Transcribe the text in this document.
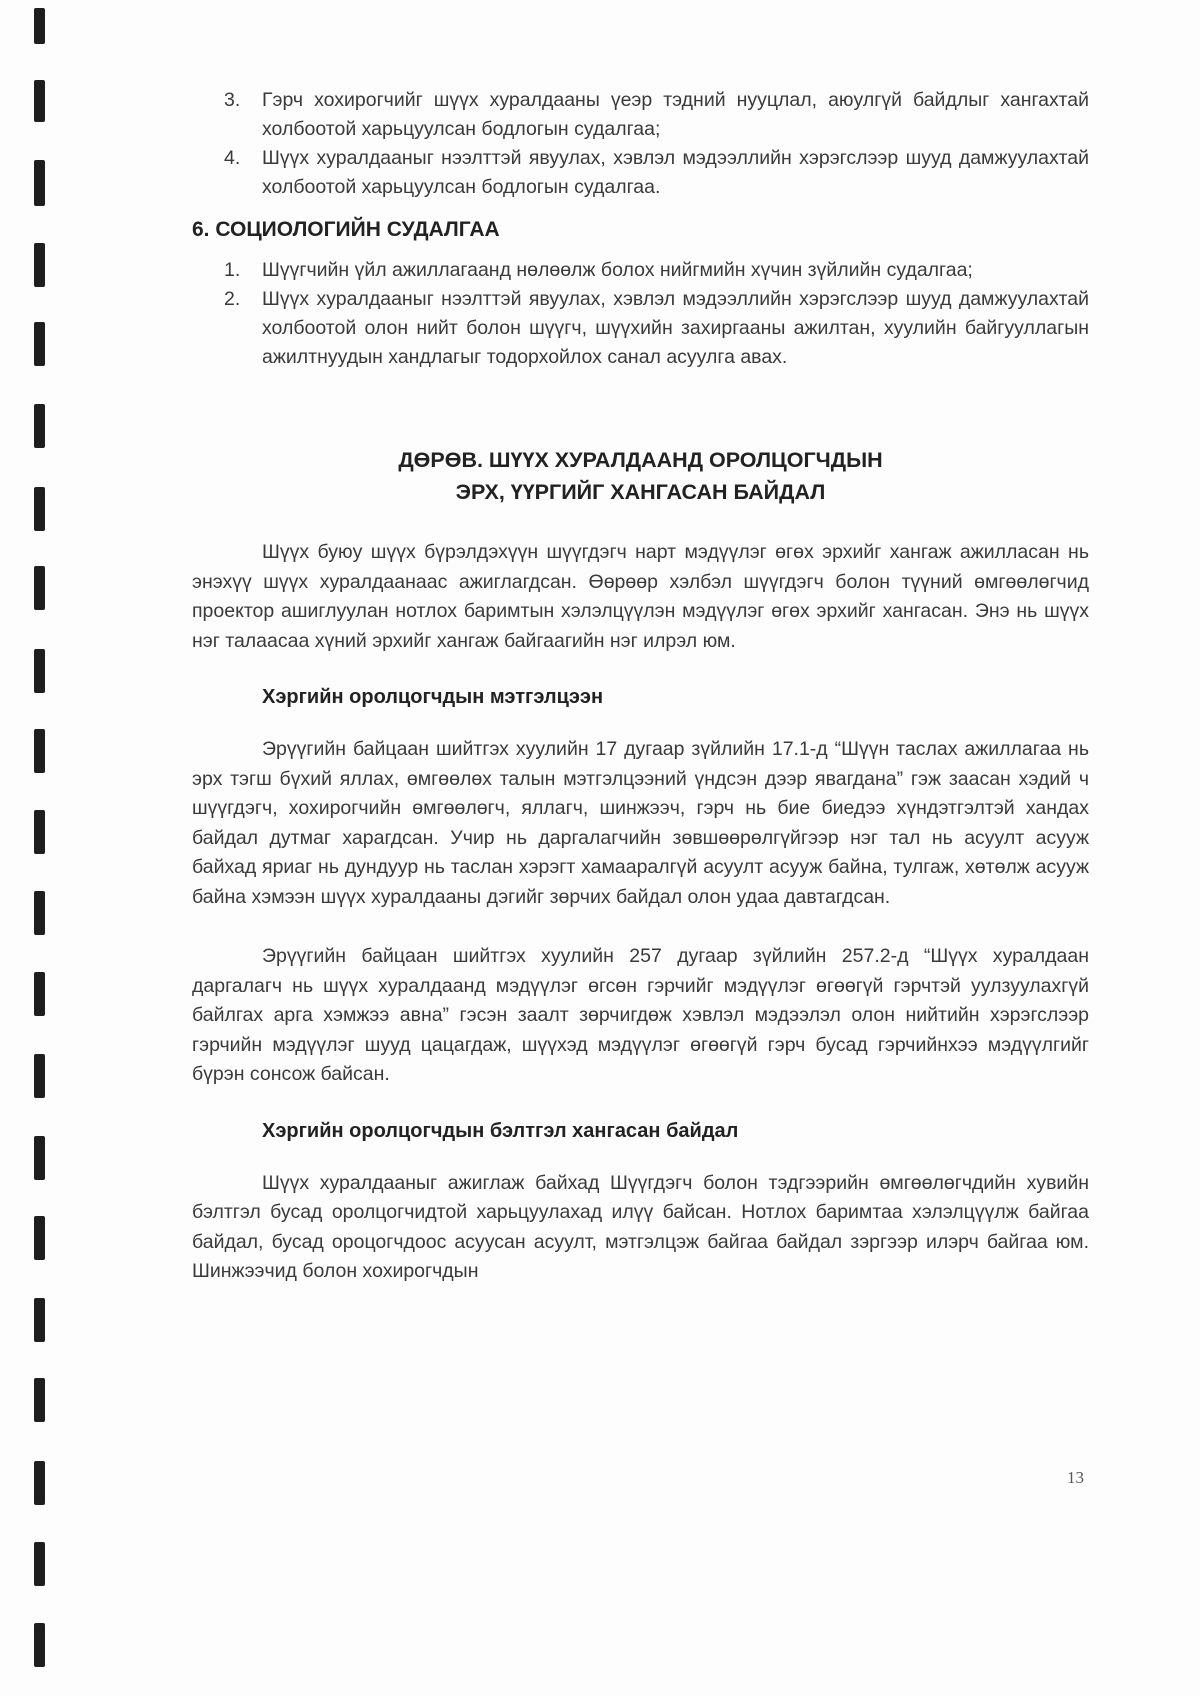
3. Гэрч хохирогчийг шүүх хуралдааны үеэр тэдний нууцлал, аюулгүй байдлыг хангахтай холбоотой харьцуулсан бодлогын судалгаа;
4. Шүүх хуралдааныг нээлттэй явуулах, хэвлэл мэдээллийн хэрэгслээр шууд дамжуулахтай холбоотой харьцуулсан бодлогын судалгаа.
6. СОЦИОЛОГИЙН СУДАЛГАА
1. Шүүгчийн үйл ажиллагаанд нөлөөлж болох нийгмийн хүчин зүйлийн судалгаа;
2. Шүүх хуралдааныг нээлттэй явуулах, хэвлэл мэдээллийн хэрэгслээр шууд дамжуулахтай холбоотой олон нийт болон шүүгч, шүүхийн захиргааны ажилтан, хуулийн байгууллагын ажилтнуудын хандлагыг тодорхойлох санал асуулга авах.
ДӨРӨВ. ШҮҮХ ХУРАЛДААНД ОРОЛЦОГЧДЫН
ЭРХ, ҮҮРГИЙГ ХАНГАСАН БАЙДАЛ

Шүүх буюу шүүх бүрэлдэхүүн шүүгдэгч нарт мэдүүлэг өгөх эрхийг хангаж ажилласан нь энэхүү шүүх хуралдаанаас ажиглагдсан. Өөрөөр хэлбэл шүүгдэгч болон түүний өмгөөлөгчид проектор ашиглуулан нотлох баримтын хэлэлцүүлэн мэдүүлэг өгөх эрхийг хангасан. Энэ нь шүүх нэг талаасаа хүний эрхийг хангаж байгаагийн нэг илрэл юм.

Хэргийн оролцогчдын мэтгэлцээн

Эрүүгийн байцаан шийтгэх хуулийн 17 дугаар зүйлийн 17.1-д “Шүүн таслах ажиллагаа нь эрх тэгш бүхий яллах, өмгөөлөх талын мэтгэлцээний үндсэн дээр явагдана” гэж заасан хэдий ч шүүгдэгч, хохирогчийн өмгөөлөгч, яллагч, шинжээч, гэрч нь бие биедээ хүндэтгэлтэй хандах байдал дутмаг харагдсан. Учир нь даргалагчийн зөвшөөрөлгүйгээр нэг тал нь асуулт асууж байхад яриаг нь дундуур нь таслан хэрэгт хамааралгүй асуулт асууж байна, тулгаж, хөтөлж асууж байна хэмээн шүүх хуралдааны дэгийг зөрчих байдал олон удаа давтагдсан.

Эрүүгийн байцаан шийтгэх хуулийн 257 дугаар зүйлийн 257.2-д “Шүүх хуралдаан даргалагч нь шүүх хуралдаанд мэдүүлэг өгсөн гэрчийг мэдүүлэг өгөөгүй гэрчтэй уулзуулахгүй байлгах арга хэмжээ авна” гэсэн заалт зөрчигдөж хэвлэл мэдээлэл олон нийтийн хэрэгслээр гэрчийн мэдүүлэг шууд цацагдаж, шүүхэд мэдүүлэг өгөөгүй гэрч бусад гэрчийнхээ мэдүүлгийг бүрэн сонсож байсан.

Хэргийн оролцогчдын бэлтгэл хангасан байдал

Шүүх хуралдааныг ажиглаж байхад Шүүгдэгч болон тэдгээрийн өмгөөлөгчдийн хувийн бэлтгэл бусад оролцогчидтой харьцуулахад илүү байсан. Нотлох баримтаа хэлэлцүүлж байгаа байдал, бусад ороцогчдоос асуусан асуулт, мэтгэлцэж байгаа байдал зэргээр илэрч байгаа юм. Шинжээчид болон хохирогчдын

13
